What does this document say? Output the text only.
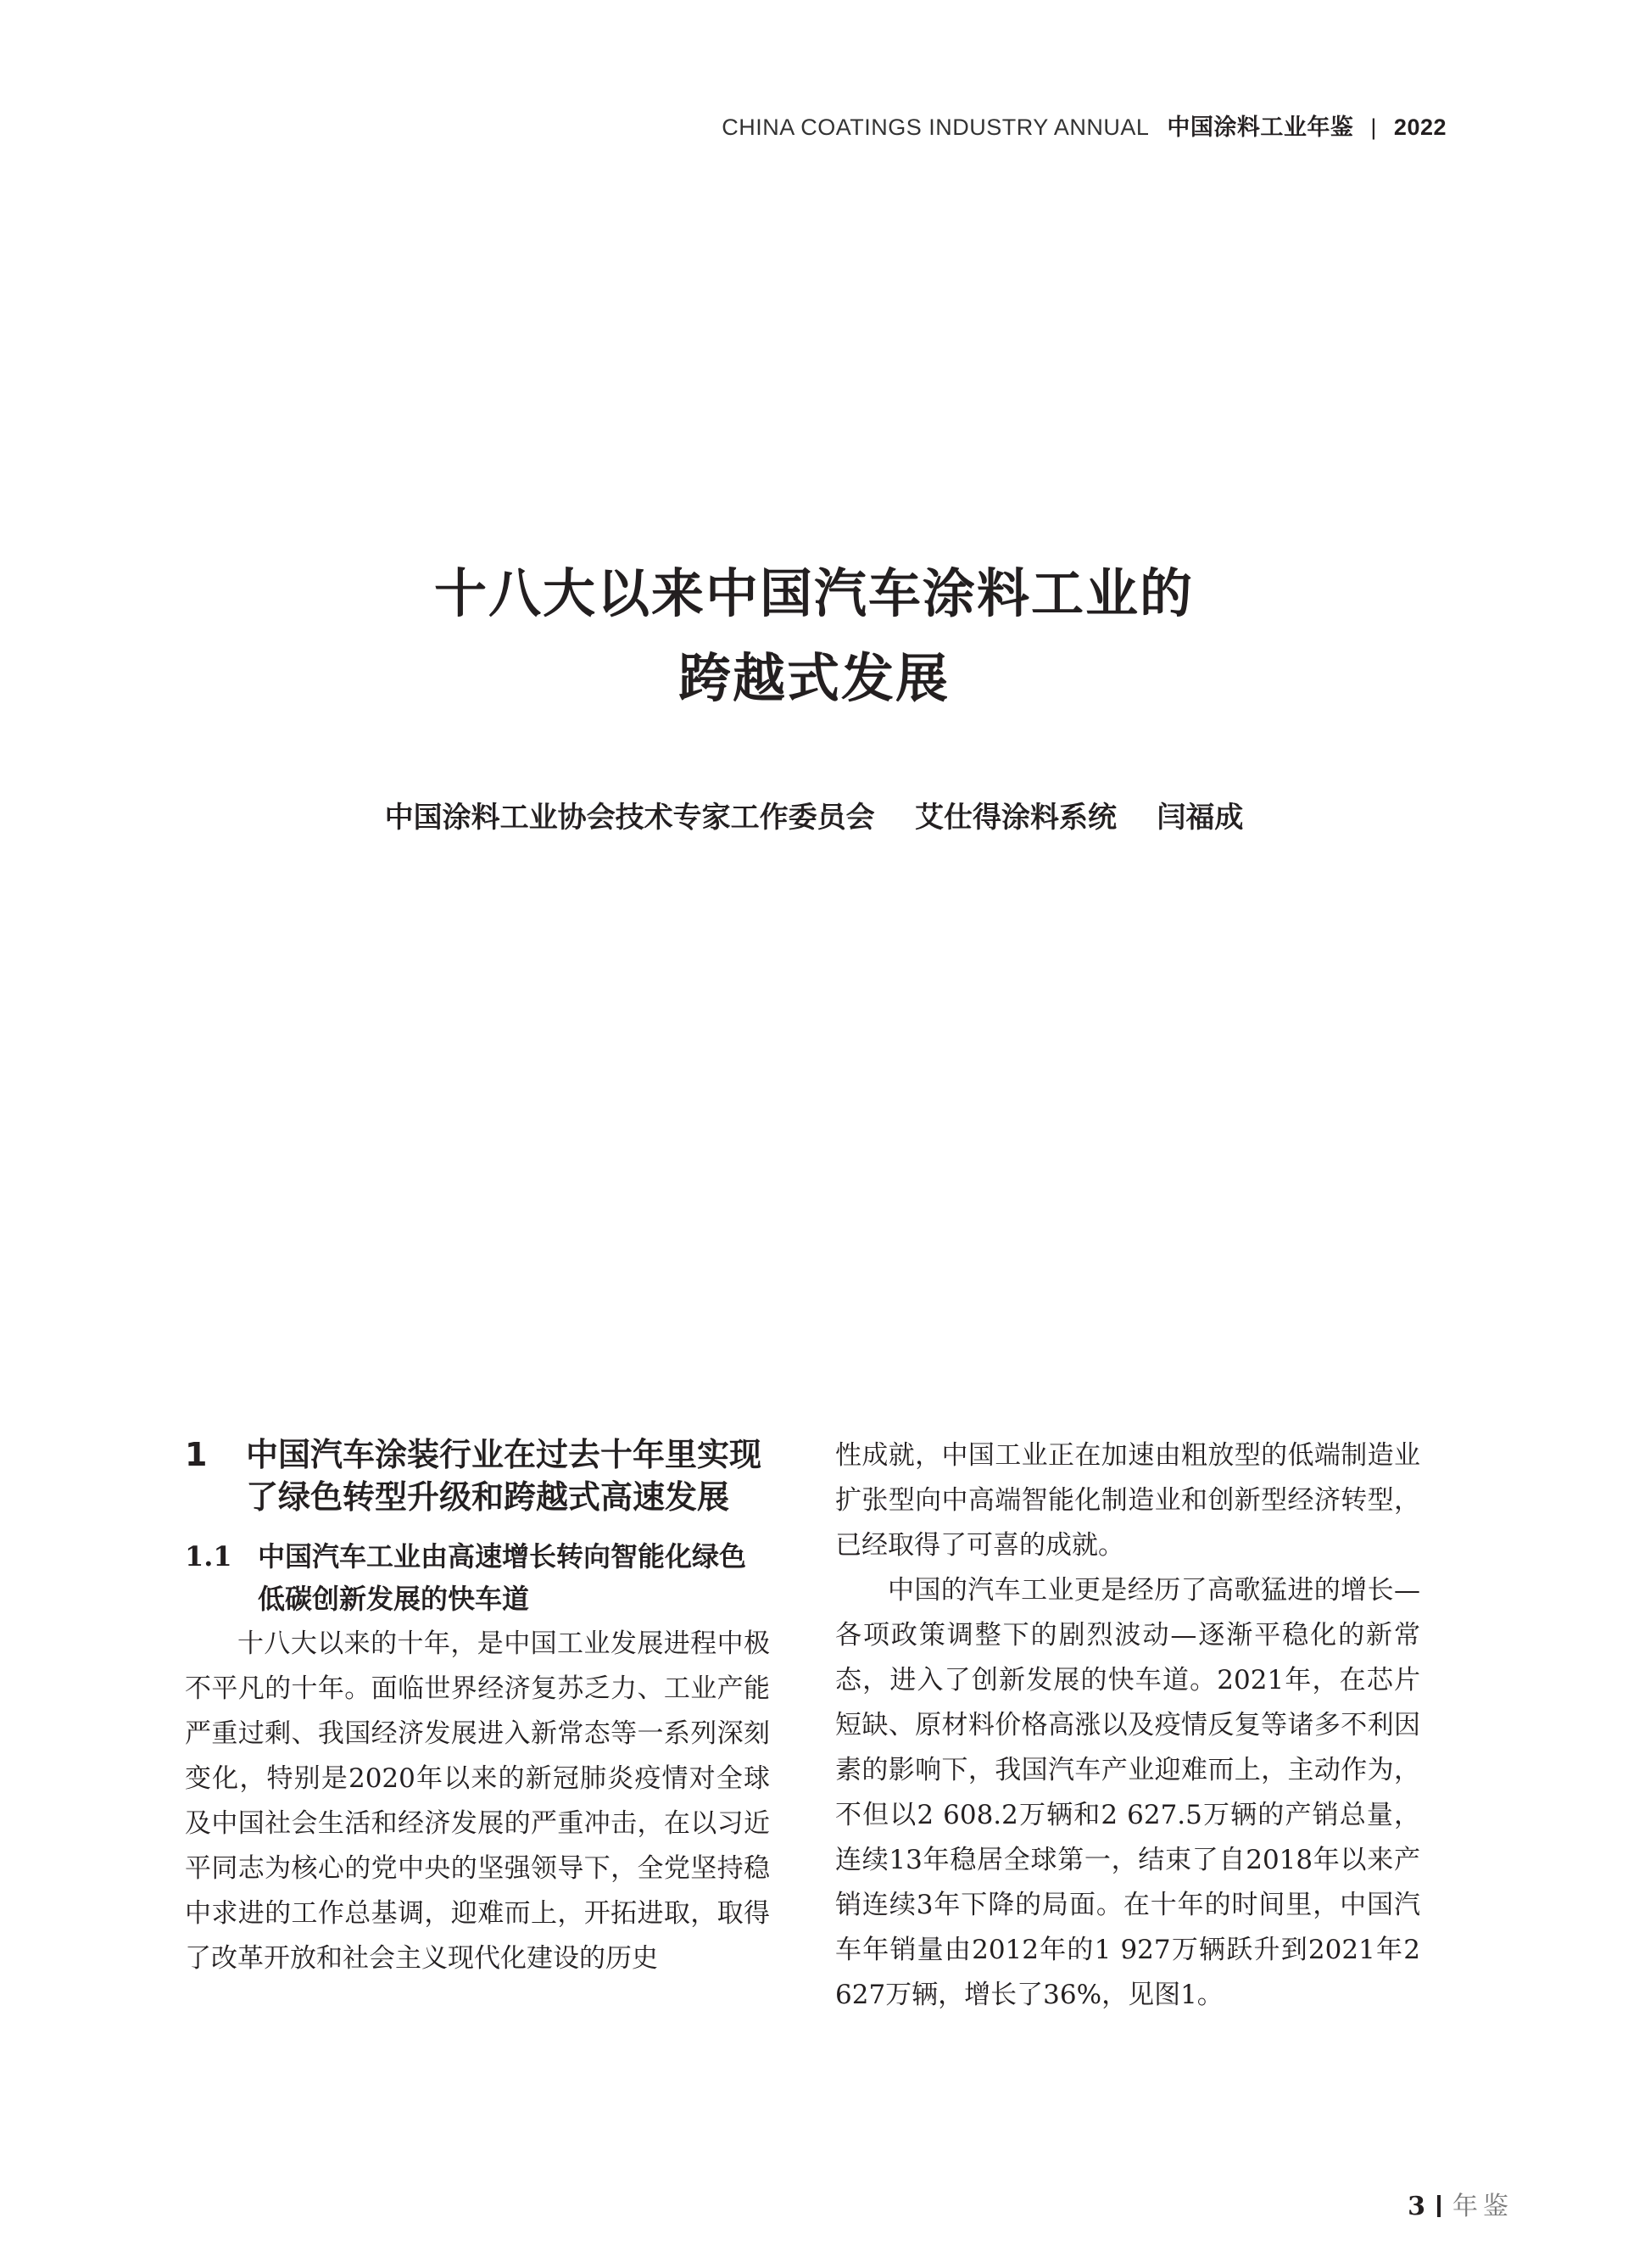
CHINA COATINGS INDUSTRY ANNUAL 中国涂料工业年鉴 | 2022
十八大以来中国汽车涂料工业的
跨越式发展
中国涂料工业协会技术专家工作委员会    艾仕得涂料系统    闫福成
1	中国汽车涂装行业在过去十年里实现了绿色转型升级和跨越式高速发展
1.1 中国汽车工业由高速增长转向智能化绿色低碳创新发展的快车道
十八大以来的十年，是中国工业发展进程中极不平凡的十年。面临世界经济复苏乏力、工业产能严重过剩、我国经济发展进入新常态等一系列深刻变化，特别是2020年以来的新冠肺炎疫情对全球及中国社会生活和经济发展的严重冲击，在以习近平同志为核心的党中央的坚强领导下，全党坚持稳中求进的工作总基调，迎难而上，开拓进取，取得了改革开放和社会主义现代化建设的历史
性成就，中国工业正在加速由粗放型的低端制造业扩张型向中高端智能化制造业和创新型经济转型，已经取得了可喜的成就。
中国的汽车工业更是经历了高歌猛进的增长—各项政策调整下的剧烈波动—逐渐平稳化的新常态，进入了创新发展的快车道。2021年，在芯片短缺、原材料价格高涨以及疫情反复等诸多不利因素的影响下，我国汽车产业迎难而上，主动作为，不但以2 608.2万辆和2 627.5万辆的产销总量，连续13年稳居全球第一，结束了自2018年以来产销连续3年下降的局面。在十年的时间里，中国汽车年销量由2012年的1 927万辆跃升到2021年2 627万辆，增长了36%，见图1。
3 年鉴
